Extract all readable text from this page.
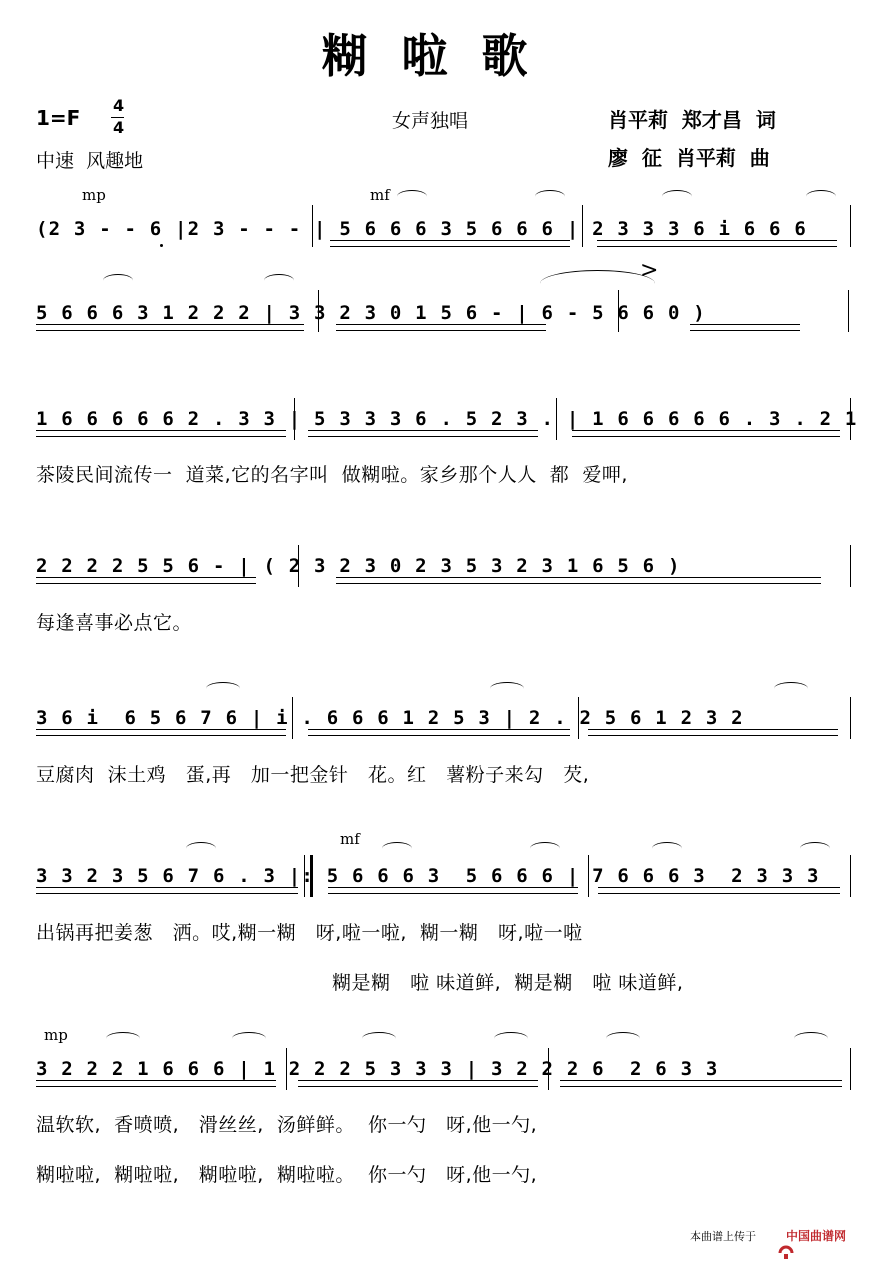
糊啦歌
1=F
4
4	女声独唱	肖平莉  郑才昌  词
中速  风趣地	廖  征  肖平莉  曲
mp	mf
(2 3 - - 6 |2 3 - - - | 5 6 6 6 3 5 6 6 6 | 2 3 3 3 6 i 6 6 6
5 6 6 6 3 1 2 2 2 | 3 3 2 3 0 1 5 6 - | 6 - 5 6 6 0 )
>
1 6 6 6 6 6 2 . 3 3 | 5 3 3 3 6 . 5 2 3 . | 1 6 6 6 6 6 . 3 . 2 1
茶陵民间流传一  道菜,它的名字叫  做糊啦。家乡那个人人  都  爱呷,
2 2 2 2 5 5 6 - | ( 2 3 2 3 0 2 3 5 3 2 3 1 6 5 6 )
每逢喜事必点它。
3 6 i  6 5 6 7 6 | i . 6 6 6 1 2 5 3 | 2 . 2 5 6 1 2 3 2
豆腐肉  沫土鸡   蛋,再   加一把金针   花。红   薯粉子来勾   芡,
mf
3 3 2 3 5 6 7 6 . 3 |: 5 6 6 6 3  5 6 6 6 | 7 6 6 6 3  2 3 3 3
出锅再把姜葱   洒。哎,糊一糊   呀,啦一啦,  糊一糊   呀,啦一啦
糊是糊   啦 味道鲜,  糊是糊   啦 味道鲜,
mp
3 2 2 2 1 6 6 6 | 1 2 2 2 5 3 3 3 | 3 2 2 2 6  2 6 3 3
温软软,  香喷喷,   滑丝丝,  汤鲜鲜。  你一勺   呀,他一勺,
糊啦啦,  糊啦啦,   糊啦啦,  糊啦啦。  你一勺   呀,他一勺,
本曲谱上传于

	中国曲谱网
